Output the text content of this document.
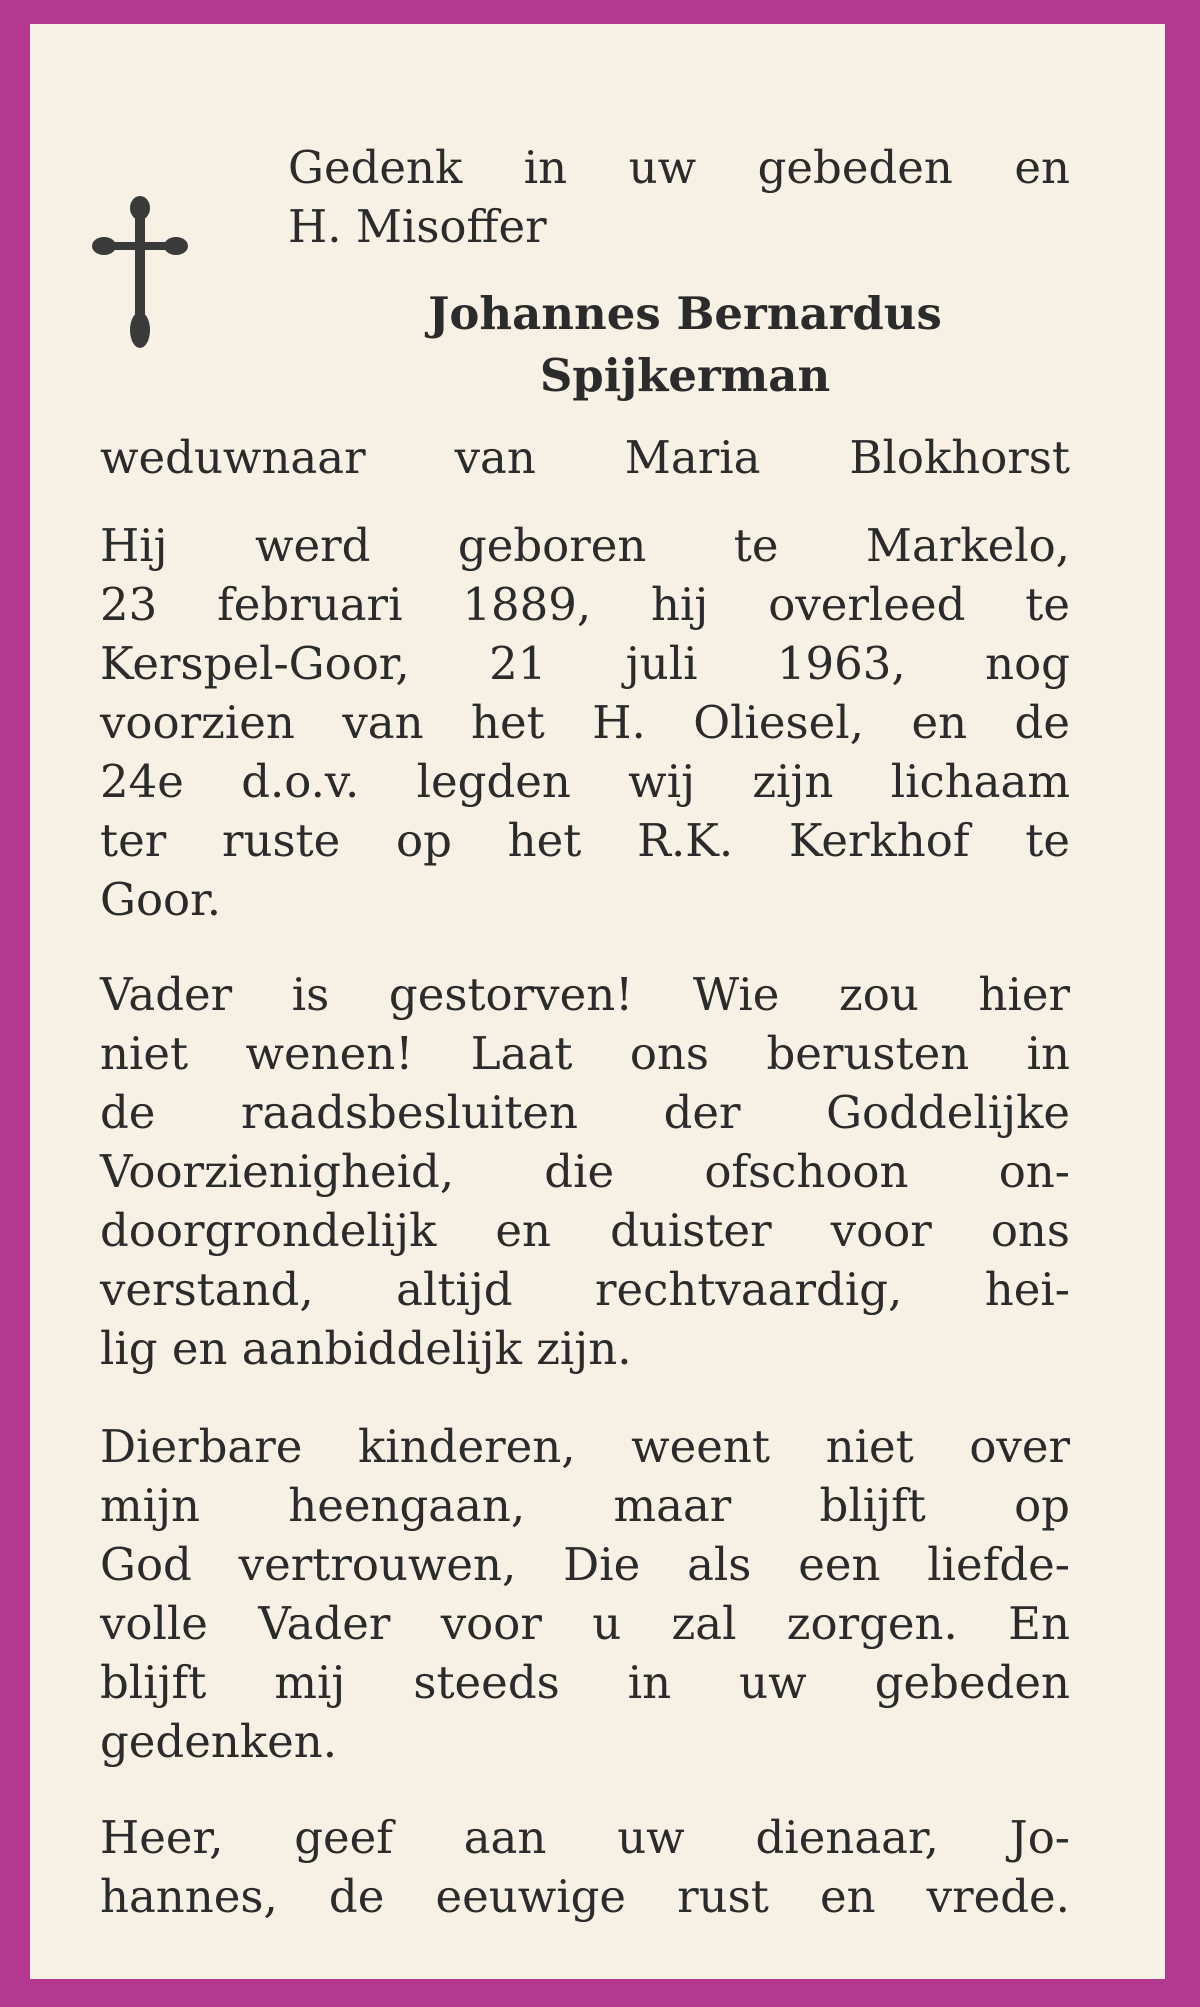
Gedenk in uw gebeden en

H. Misoffer

Johannes Bernardus

Spijkerman

weduwnaar van Maria Blokhorst

Hij werd geboren te Markelo,

23 februari 1889, hij overleed te

Kerspel-Goor, 21 juli 1963, nog

voorzien van het H. Oliesel, en de

24e d.o.v. legden wij zijn lichaam

ter ruste op het R.K. Kerkhof te

Goor.

Vader is gestorven! Wie zou hier

niet wenen! Laat ons berusten in

de raadsbesluiten der Goddelijke

Voorzienigheid, die ofschoon on-

doorgrondelijk en duister voor ons

verstand, altijd rechtvaardig, hei-

lig en aanbiddelijk zijn.

Dierbare kinderen, weent niet over

mijn heengaan, maar blijft op

God vertrouwen, Die als een liefde-

volle Vader voor u zal zorgen. En

blijft mij steeds in uw gebeden

gedenken.

Heer, geef aan uw dienaar, Jo-

hannes, de eeuwige rust en vrede.
